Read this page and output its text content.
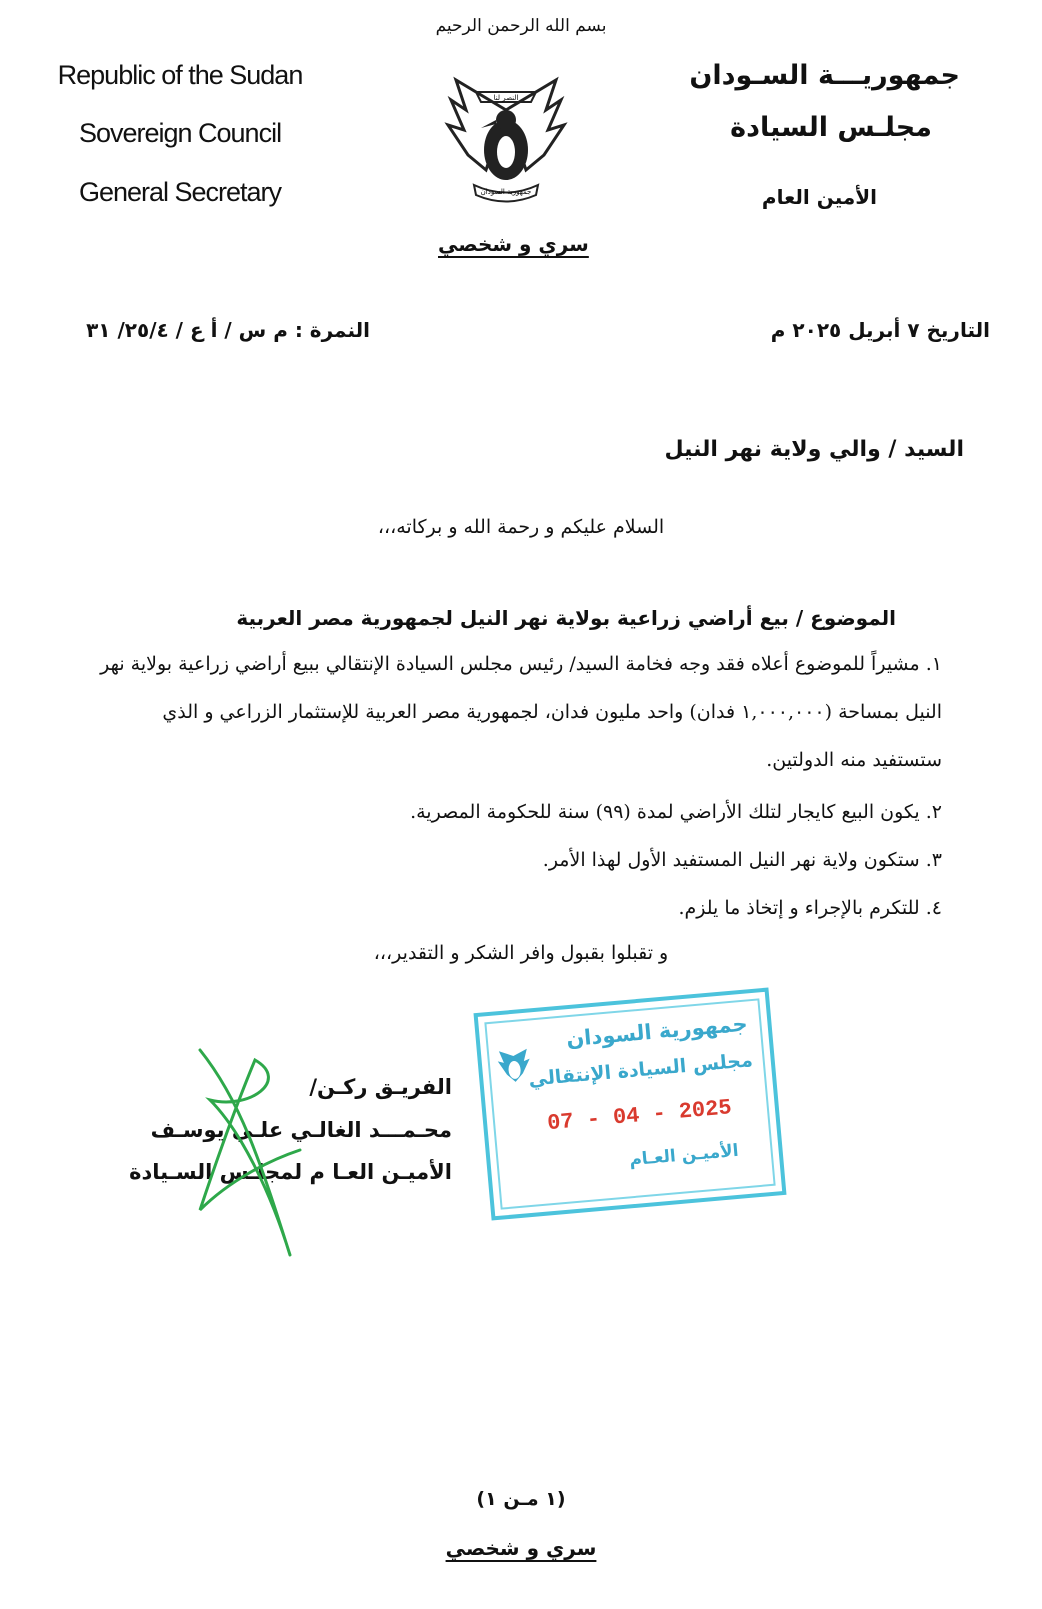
بسم الله الرحمن الرحيم
Republic of the Sudan
Sovereign Council
General Secretary
النصر لنا
جمهورية السودان
جمهوريـــة السـودان
مجلـس السيادة
الأمين العام
سري و شخصي
التاريخ ٧ أبريل ٢٠٢٥ م
النمرة : م س / أ ع / ٢٥/٤/ ٣١
السيد / والي ولاية نهر النيل
السلام عليكم و رحمة الله و بركاته،،،
الموضوع / بيع أراضي زراعية بولاية نهر النيل لجمهورية مصر العربية
١. مشيراً للموضوع أعلاه فقد وجه فخامة السيد/ رئيس مجلس السيادة الإنتقالي ببيع أراضي زراعية بولاية نهر النيل بمساحة (١,٠٠٠,٠٠٠ فدان) واحد مليون فدان، لجمهورية مصر العربية للإستثمار الزراعي و الذي ستستفيد منه الدولتين.
٢. يكون البيع كايجار لتلك الأراضي لمدة (٩٩) سنة للحكومة المصرية.
٣. ستكون ولاية نهر النيل المستفيد الأول لهذا الأمر.
٤. للتكرم بالإجراء و إتخاذ ما يلزم.
و تقبلوا بقبول وافر الشكر و التقدير،،،
الفريـق ركـن/
محـمـــد الغالـي علـي يوسـف
الأميـن العـا م لمجلـس السـيادة
جمهورية السودان
مجلس السيادة الإنتقالي
07 - 04 - 2025
الأميـن العـام
(١ مـن ١)
سري و شخصي
